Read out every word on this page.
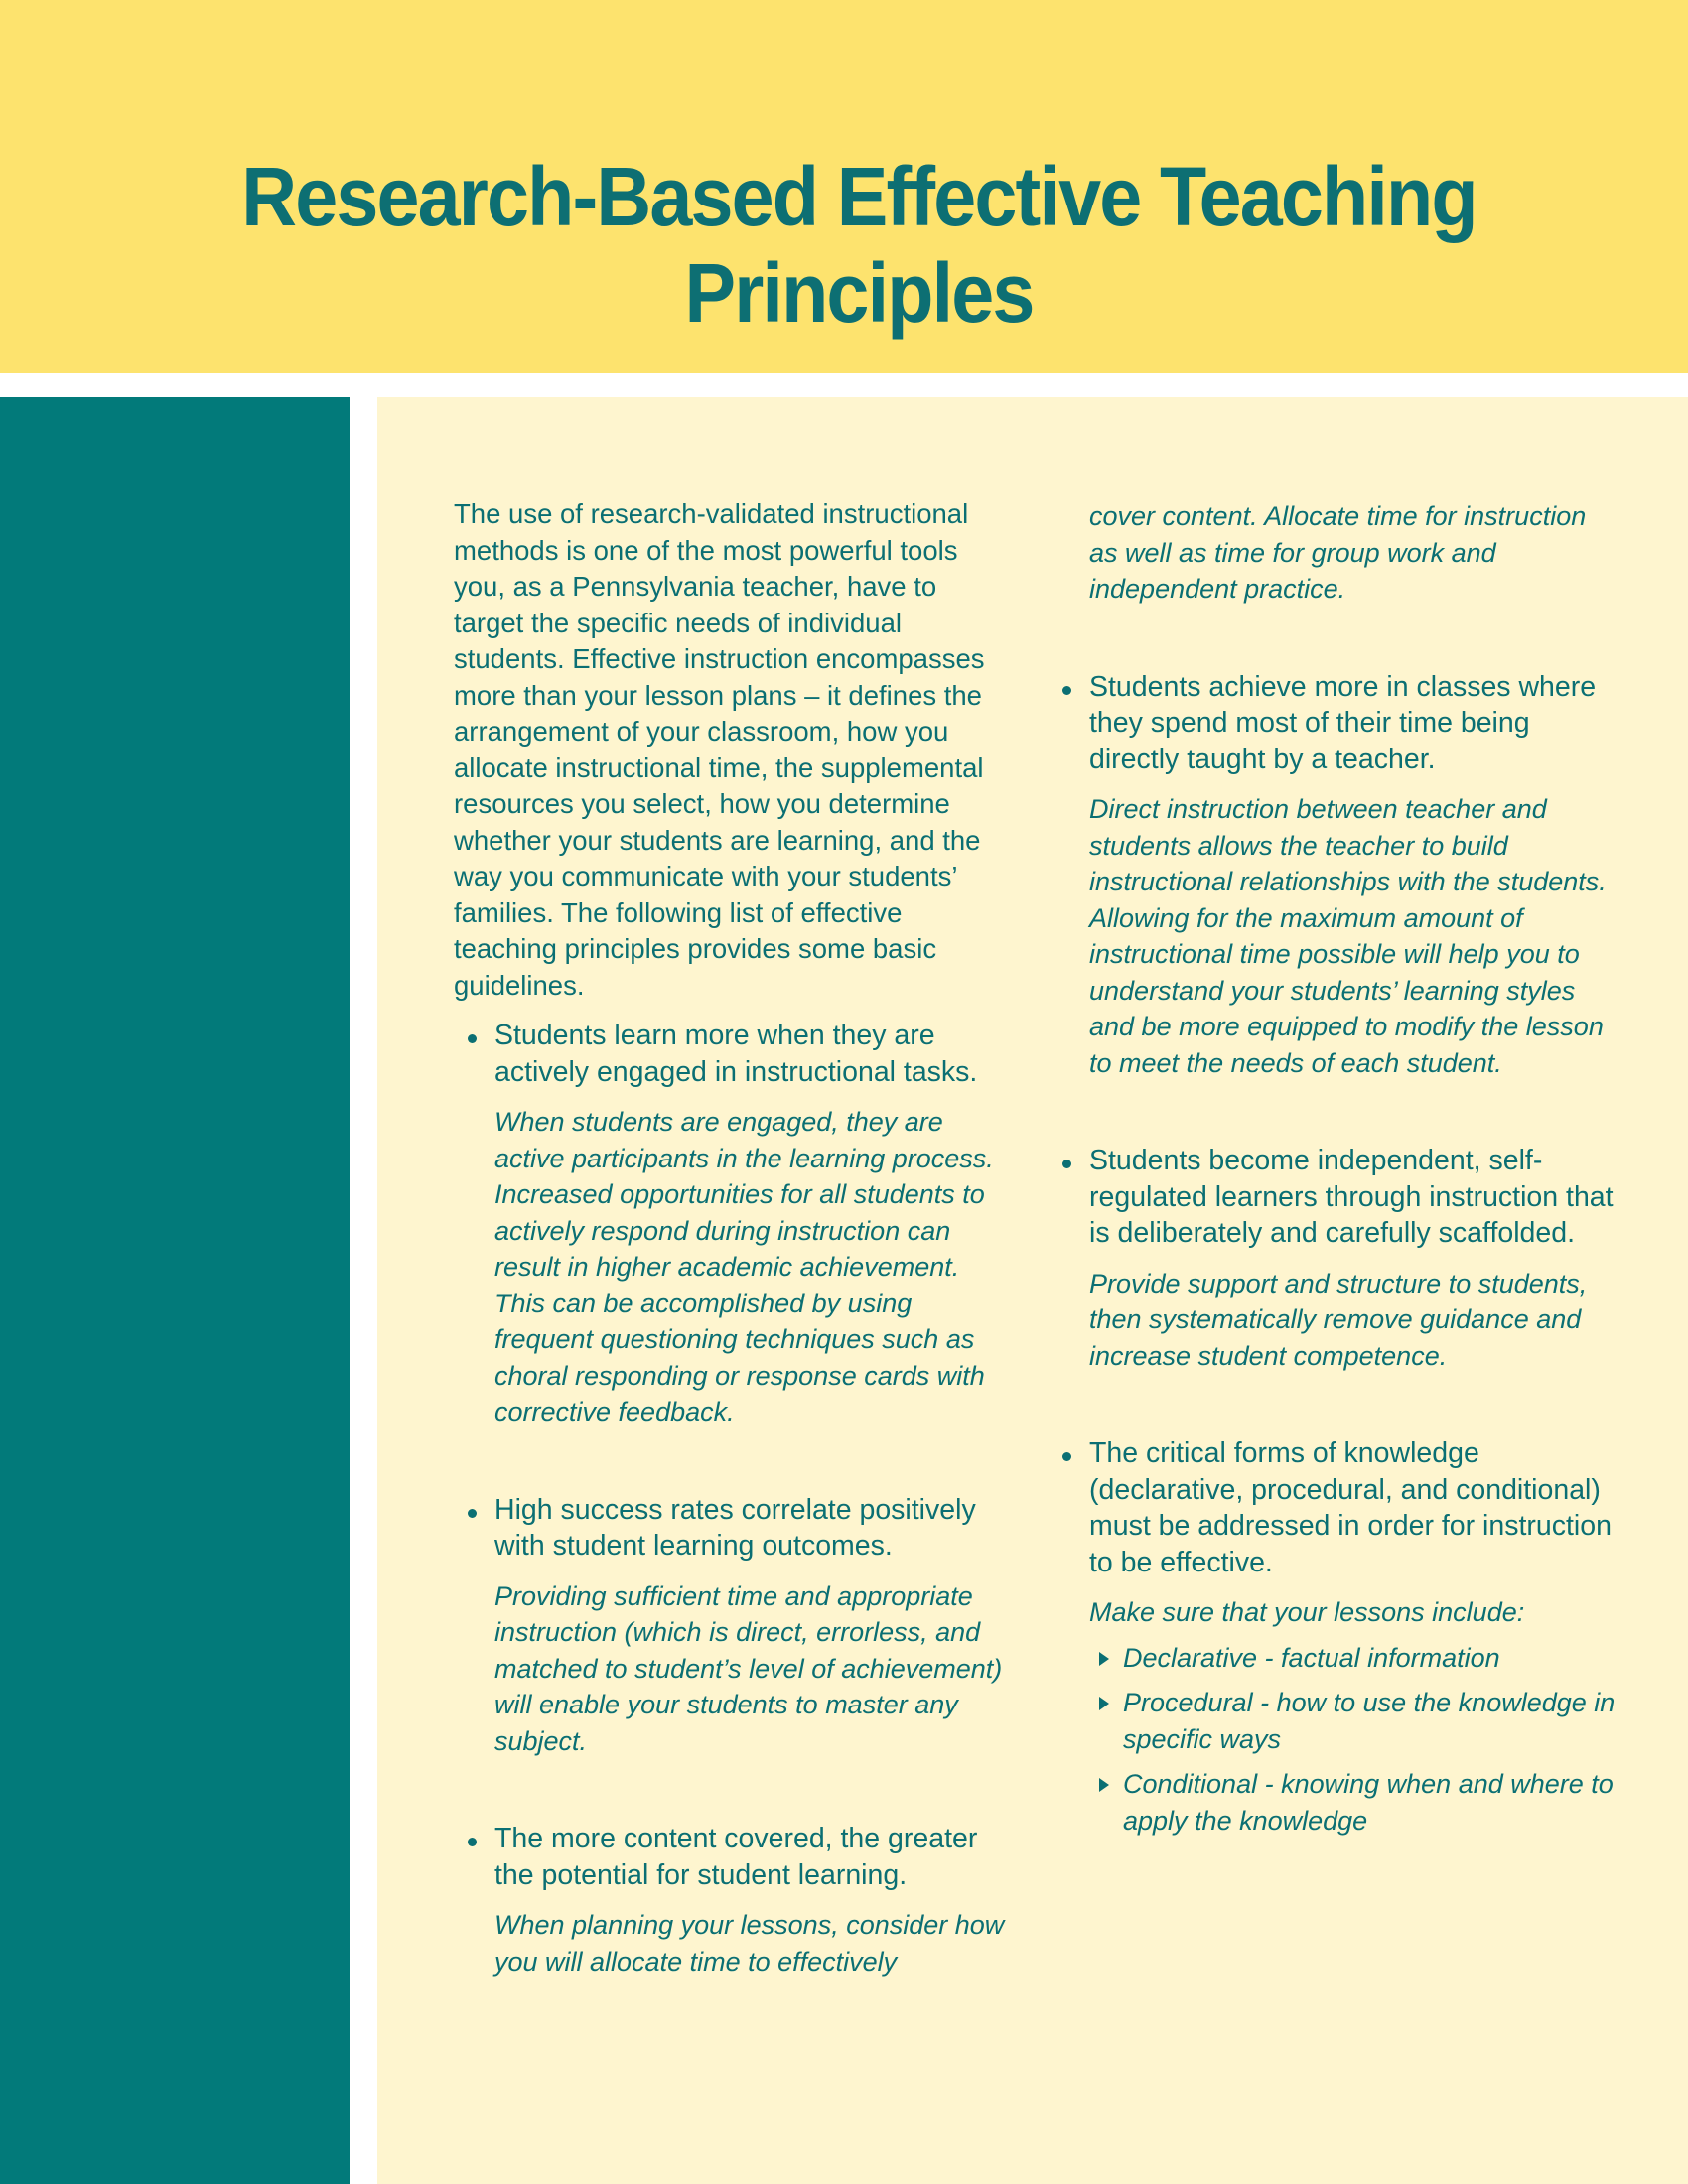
Research-Based Effective Teaching Principles

The use of research-validated instructional methods is one of the most powerful tools you, as a Pennsylvania teacher, have to target the specific needs of individual students. Effective instruction encompasses more than your lesson plans – it defines the arrangement of your classroom, how you allocate instructional time, the supplemental resources you select, how you determine whether your students are learning, and the way you communicate with your students’ families. The following list of effective teaching principles provides some basic guidelines.

Students learn more when they are actively engaged in instructional tasks.

When students are engaged, they are active participants in the learning process. Increased opportunities for all students to actively respond during instruction can result in higher academic achievement. This can be accomplished by using frequent questioning techniques such as choral responding or response cards with corrective feedback.

High success rates correlate positively with student learning outcomes.

Providing sufficient time and appropriate instruction (which is direct, errorless, and matched to student’s level of achievement) will enable your students to master any subject.

The more content covered, the greater the potential for student learning.

When planning your lessons, consider how you will allocate time to effectively

cover content. Allocate time for instruction as well as time for group work and independent practice.

Students achieve more in classes where they spend most of their time being directly taught by a teacher.

Direct instruction between teacher and students allows the teacher to build instructional relationships with the students. Allowing for the maximum amount of instructional time possible will help you to understand your students’ learning styles and be more equipped to modify the lesson to meet the needs of each student.

Students become independent, self-regulated learners through instruction that is deliberately and carefully scaffolded.

Provide support and structure to students, then systematically remove guidance and increase student competence.

The critical forms of knowledge (declarative, procedural, and conditional) must be addressed in order for instruction to be effective.

Make sure that your lessons include:

Declarative - factual information
Procedural - how to use the knowledge in specific ways
Conditional - knowing when and where to apply the knowledge
